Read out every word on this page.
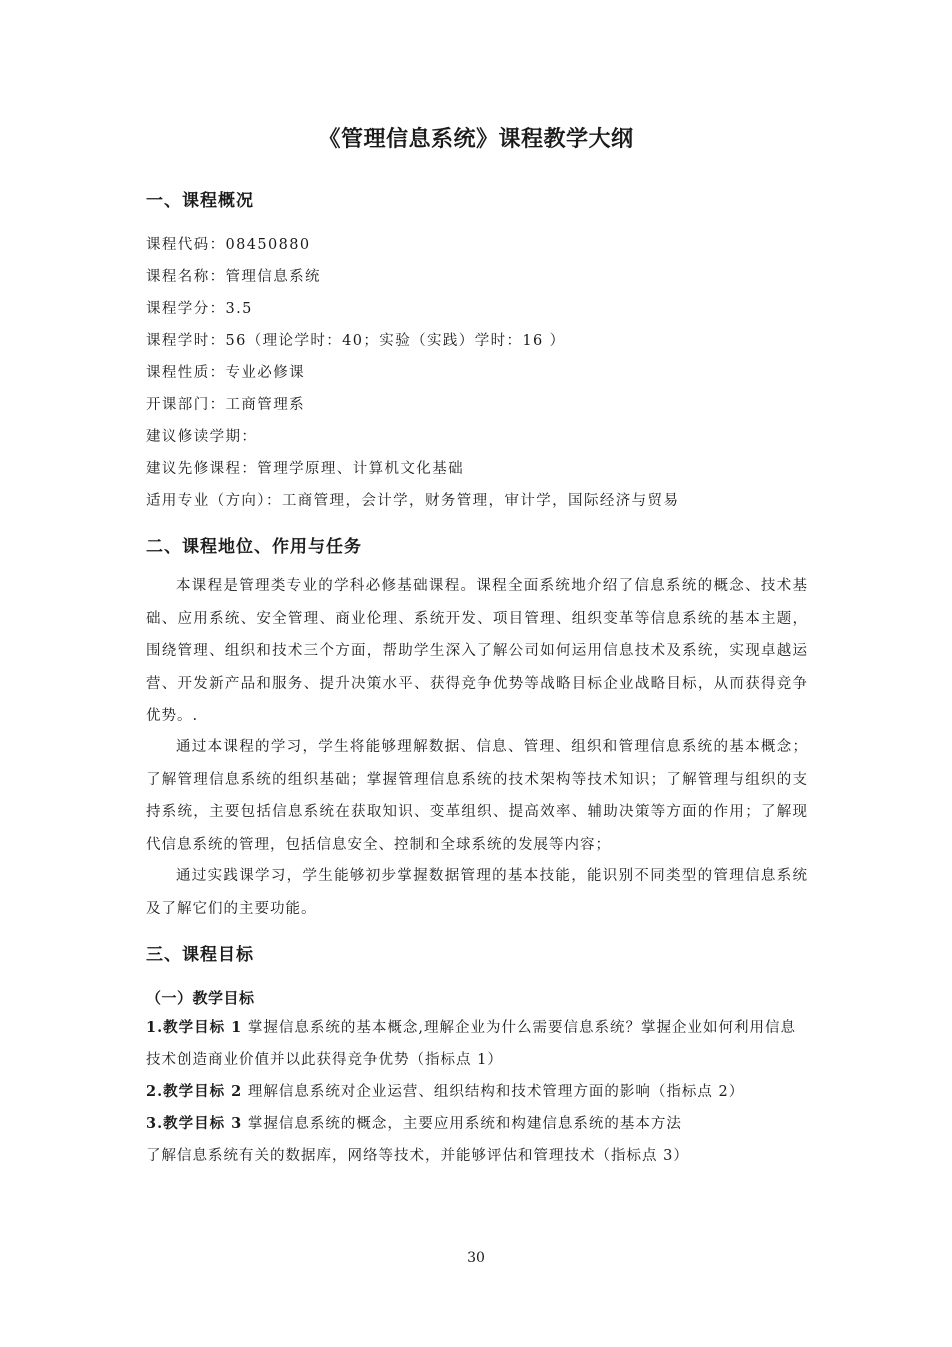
《管理信息系统》课程教学大纲
一、课程概况
课程代码：08450880
课程名称：管理信息系统
课程学分：3.5
课程学时：56（理论学时：40；实验（实践）学时：16 ）
课程性质：专业必修课
开课部门：工商管理系
建议修读学期：
建议先修课程：管理学原理、计算机文化基础
适用专业（方向）：工商管理，会计学，财务管理，审计学，国际经济与贸易
二、课程地位、作用与任务

本课程是管理类专业的学科必修基础课程。课程全面系统地介绍了信息系统的概念、技术基础、应用系统、安全管理、商业伦理、系统开发、项目管理、组织变革等信息系统的基本主题，围绕管理、组织和技术三个方面，帮助学生深入了解公司如何运用信息技术及系统，实现卓越运营、开发新产品和服务、提升决策水平、获得竞争优势等战略目标企业战略目标，从而获得竞争优势。.

通过本课程的学习，学生将能够理解数据、信息、管理、组织和管理信息系统的基本概念；了解管理信息系统的组织基础；掌握管理信息系统的技术架构等技术知识；了解管理与组织的支持系统，主要包括信息系统在获取知识、变革组织、提高效率、辅助决策等方面的作用；了解现代信息系统的管理，包括信息安全、控制和全球系统的发展等内容；

通过实践课学习，学生能够初步掌握数据管理的基本技能，能识别不同类型的管理信息系统及了解它们的主要功能。

三、课程目标
（一）教学目标

1.教学目标 1 掌握信息系统的基本概念,理解企业为什么需要信息系统？掌握企业如何利用信息技术创造商业价值并以此获得竞争优势（指标点 1）

2.教学目标 2 理解信息系统对企业运营、组织结构和技术管理方面的影响（指标点 2）

3.教学目标 3 掌握信息系统的概念，主要应用系统和构建信息系统的基本方法

了解信息系统有关的数据库，网络等技术，并能够评估和管理技术（指标点 3）

30
